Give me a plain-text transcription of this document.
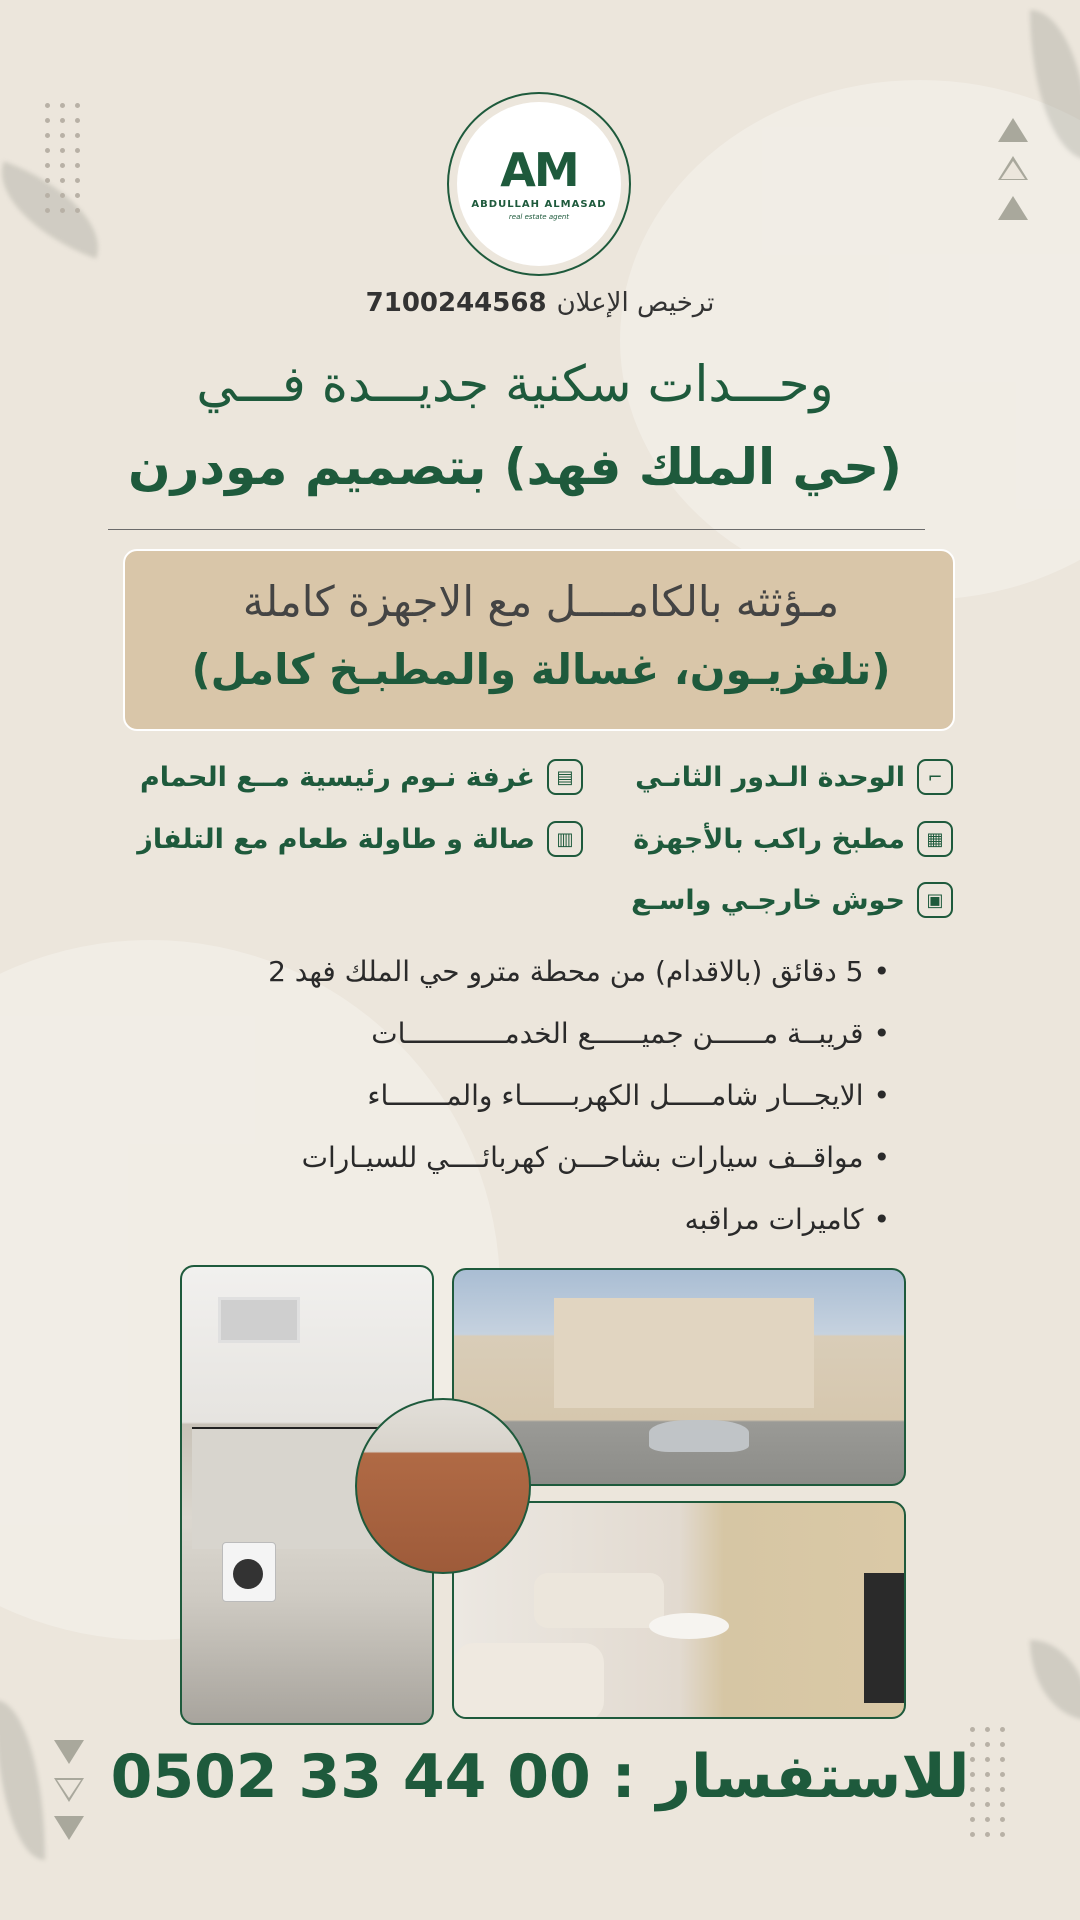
AM
ABDULLAH ALMASAD
real estate agent
7100244568 ترخيص الإعلان
وحـــدات سكنية جديـــدة فـــي
(حي الملك فهد) بتصميم مودرن
مـؤثثه بالكامــــل مع الاجهزة كاملة
(تلفزيـون، غسالة والمطبـخ كامل)
⌐
الوحدة الـدور الثانـي
▤
غرفة نـوم رئيسية مــع الحمام
▦
مطبخ راكب بالأجهزة
▥
صالة و طاولة طعام مع التلفاز
▣
حوش خارجـي واسـع
• 5 دقائق (بالاقدام) من محطة مترو حي الملك فهد 2
• قريبــة مــــــن جميــــــع الخدمــــــــــــات
• الايجـــار شامـــــل الكهربــــــاء والمـــــــاء
• مواقــف سيارات بشاحـــن كهربائــــي للسيـارات
• كاميرات مراقبه
0502 33 44 00 للاستفسار :
